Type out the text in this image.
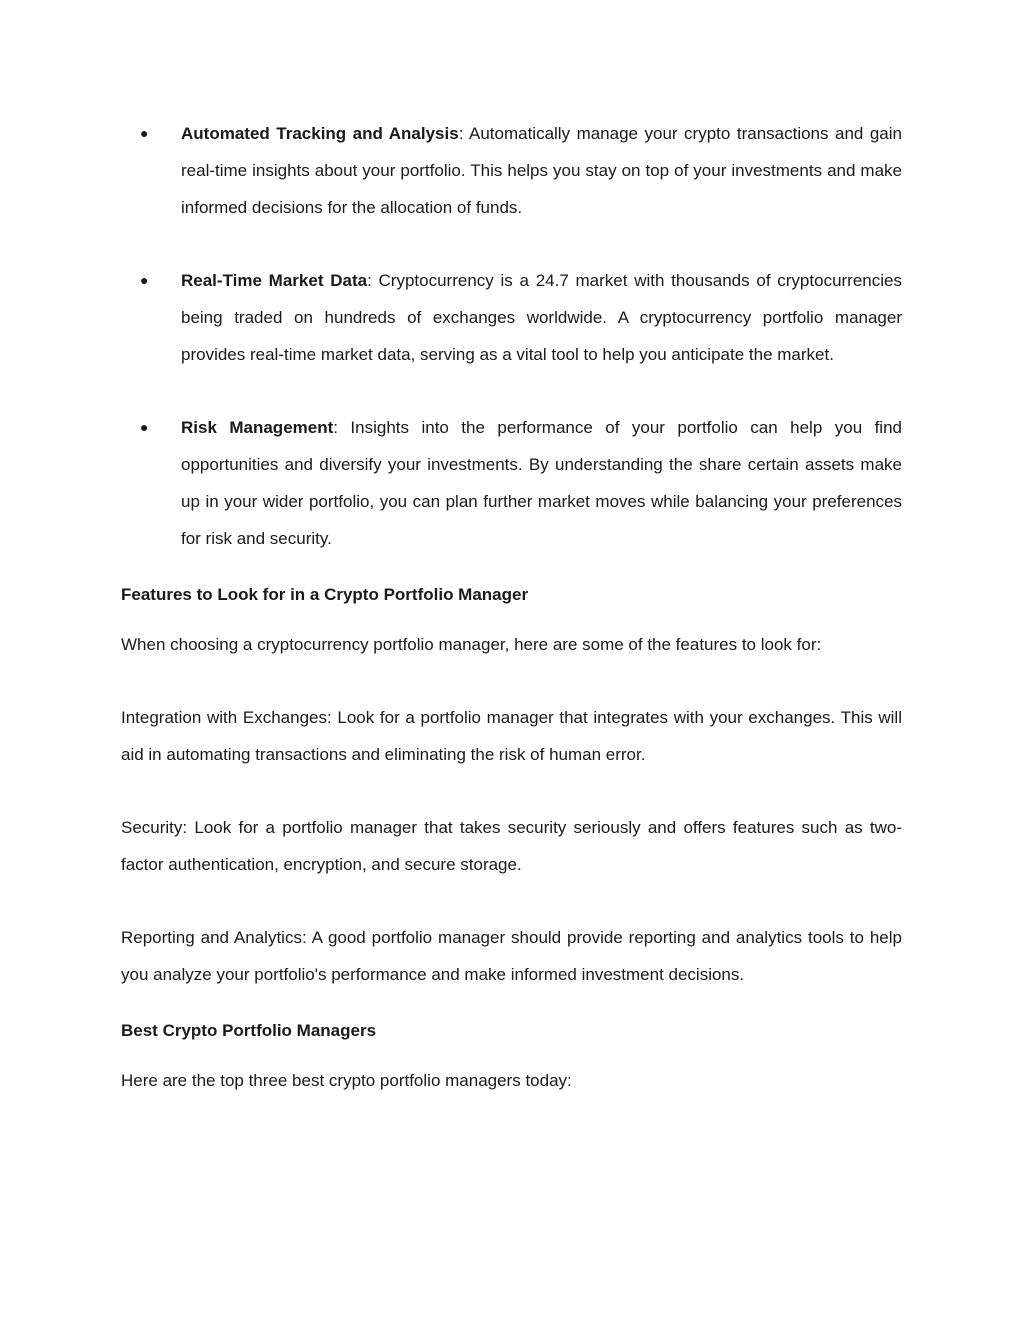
● Automated Tracking and Analysis: Automatically manage your crypto transactions and gain real-time insights about your portfolio. This helps you stay on top of your investments and make informed decisions for the allocation of funds.
● Real-Time Market Data: Cryptocurrency is a 24.7 market with thousands of cryptocurrencies being traded on hundreds of exchanges worldwide. A cryptocurrency portfolio manager provides real-time market data, serving as a vital tool to help you anticipate the market.
● Risk Management: Insights into the performance of your portfolio can help you find opportunities and diversify your investments. By understanding the share certain assets make up in your wider portfolio, you can plan further market moves while balancing your preferences for risk and security.
Features to Look for in a Crypto Portfolio Manager

When choosing a cryptocurrency portfolio manager, here are some of the features to look for:

Integration with Exchanges: Look for a portfolio manager that integrates with your exchanges. This will aid in automating transactions and eliminating the risk of human error.

Security: Look for a portfolio manager that takes security seriously and offers features such as two-factor authentication, encryption, and secure storage.

Reporting and Analytics: A good portfolio manager should provide reporting and analytics tools to help you analyze your portfolio's performance and make informed investment decisions.

Best Crypto Portfolio Managers

Here are the top three best crypto portfolio managers today:
